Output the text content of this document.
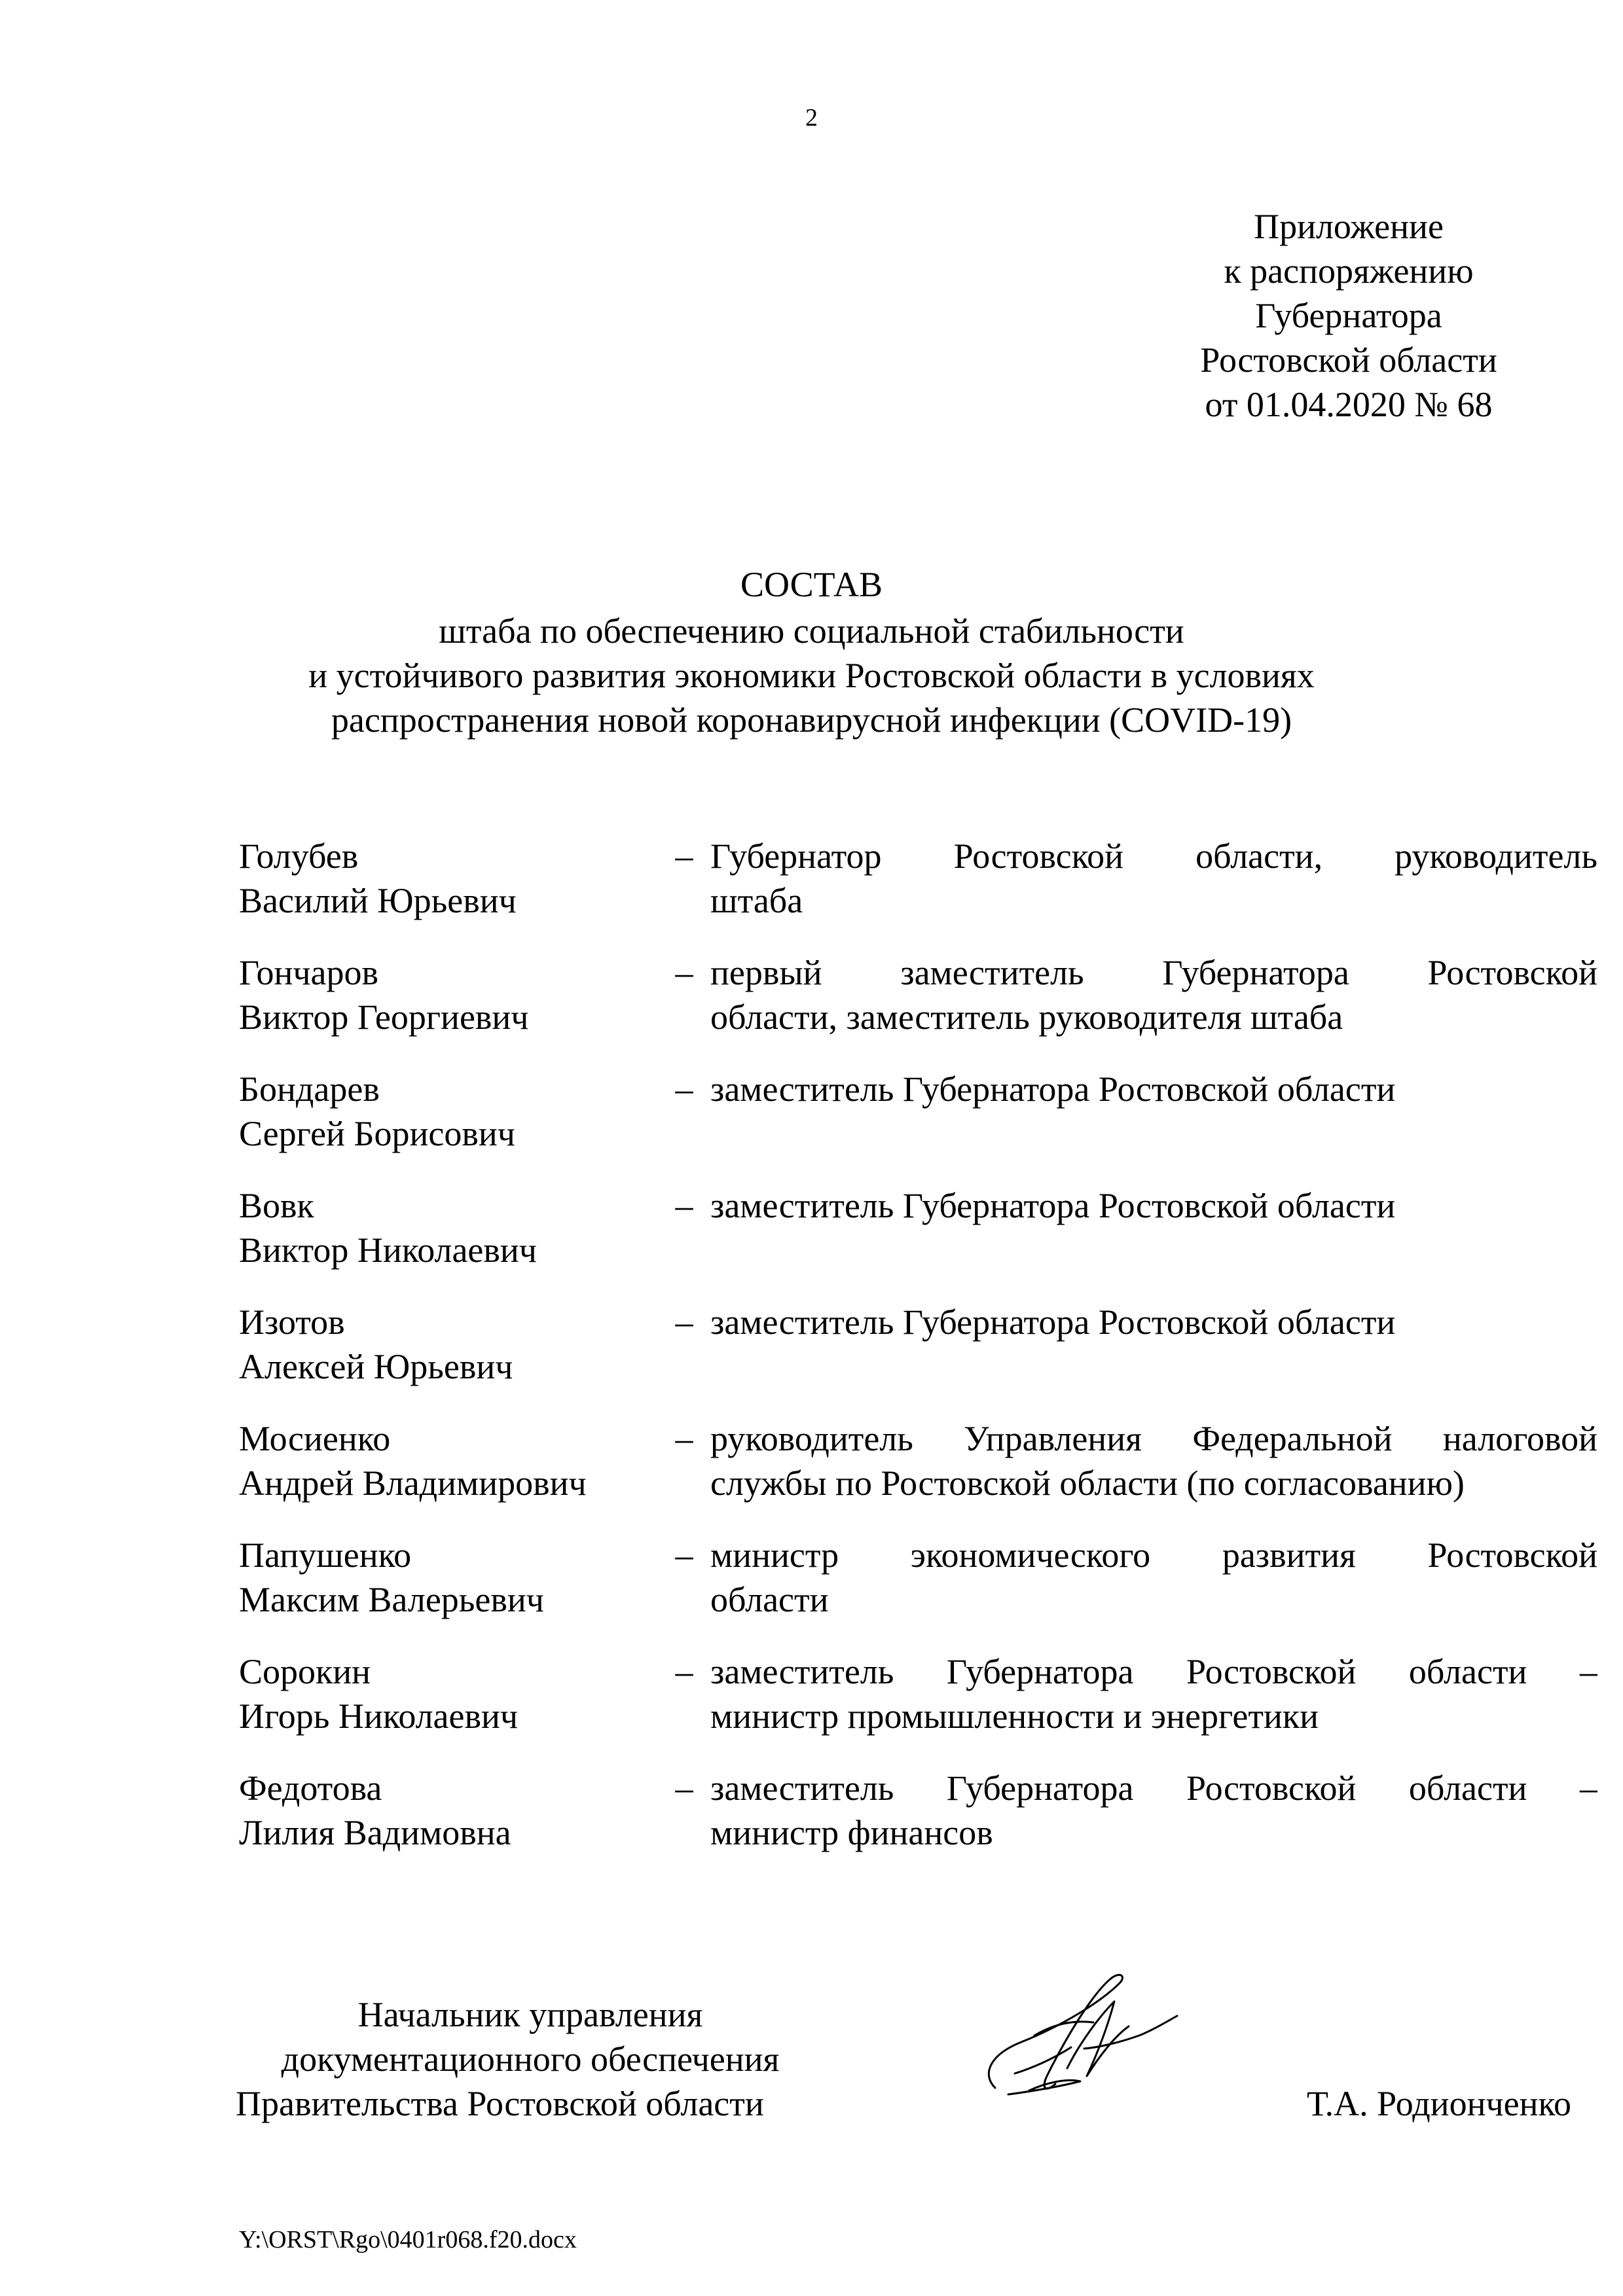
2
Приложение
к распоряжению
Губернатора
Ростовской области
от 01.04.2020 № 68
СОСТАВ
штаба по обеспечению социальной стабильности
и устойчивого развития экономики Ростовской области в условиях
распространения новой коронавирусной инфекции (COVID-19)
Голубев
Василий Юрьевич
– Губернатор Ростовской области, руководитель
штаба
Гончаров
Виктор Георгиевич
– первый заместитель Губернатора Ростовской
области, заместитель руководителя штаба
Бондарев
Сергей Борисович
– заместитель Губернатора Ростовской области
Вовк
Виктор Николаевич
– заместитель Губернатора Ростовской области
Изотов
Алексей Юрьевич
– заместитель Губернатора Ростовской области
Мосиенко
Андрей Владимирович
– руководитель Управления Федеральной налоговой
службы по Ростовской области (по согласованию)
Папушенко
Максим Валерьевич
– министр экономического развития Ростовской
области
Сорокин
Игорь Николаевич
– заместитель Губернатора Ростовской области –
министр промышленности и энергетики
Федотова
Лилия Вадимовна
– заместитель Губернатора Ростовской области –
министр финансов
Начальник управления
документационного обеспечения
Правительства Ростовской области	Т.А. Родионченко
Y:\ORST\Rgo\0401r068.f20.docx
